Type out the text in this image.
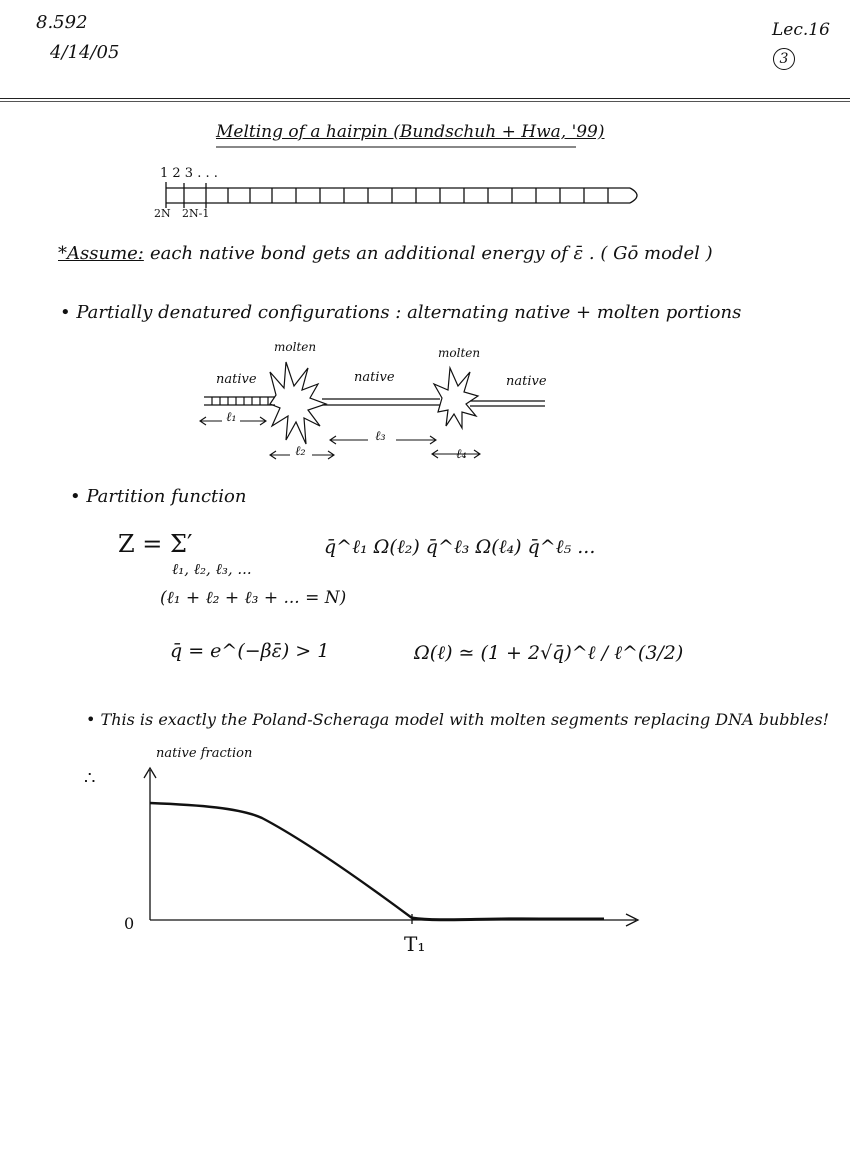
8.592
4/14/05
Lec.16
3
Melting of a hairpin (Bundschuh + Hwa, '99)
1 2 3 . . .
2N 2N-1
*Assume: each native bond gets an additional energy of ε̄ . ( Gō model )
• Partially denatured configurations : alternating native + molten portions
molten	molten
native	native	native
ℓ₁
ℓ₂
ℓ₃
ℓ₄
• Partition function
Z = Σ′
ℓ₁, ℓ₂, ℓ₃, ...
q̄^ℓ₁ Ω(ℓ₂) q̄^ℓ₃ Ω(ℓ₄) q̄^ℓ₅ ...
(ℓ₁ + ℓ₂ + ℓ₃ + ... = N)
q̄ = e^(−βε̄) > 1	Ω(ℓ) ≃ (1 + 2√q̄)^ℓ / ℓ^(3/2)
• This is exactly the Poland-Scheraga model with molten segments replacing DNA bubbles!
native fraction
∴
0
T₁
